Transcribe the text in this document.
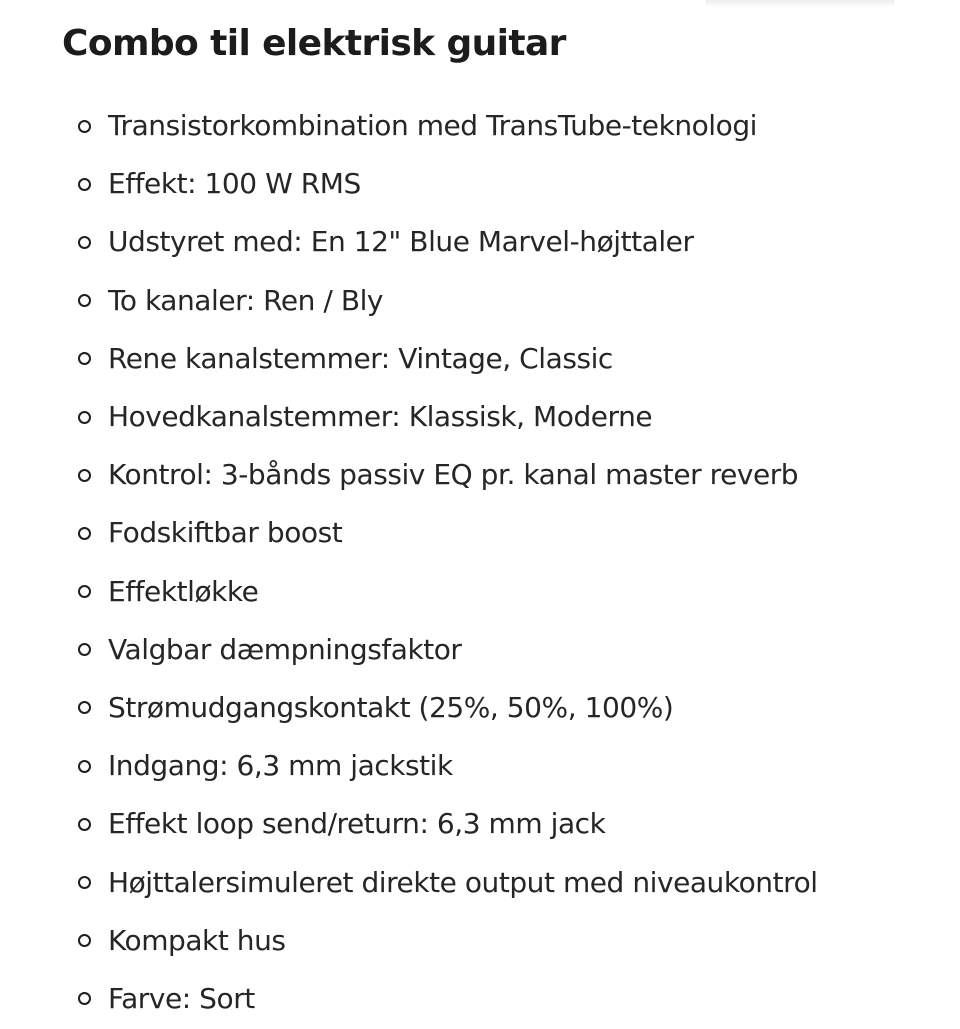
Combo til elektrisk guitar
Transistorkombination med TransTube-teknologi
Effekt: 100 W RMS
Udstyret med: En 12" Blue Marvel-højttaler
To kanaler: Ren / Bly
Rene kanalstemmer: Vintage, Classic
Hovedkanalstemmer: Klassisk, Moderne
Kontrol: 3-bånds passiv EQ pr. kanal master reverb
Fodskiftbar boost
Effektløkke
Valgbar dæmpningsfaktor
Strømudgangskontakt (25%, 50%, 100%)
Indgang: 6,3 mm jackstik
Effekt loop send/return: 6,3 mm jack
Højttalersimuleret direkte output med niveaukontrol
Kompakt hus
Farve: Sort
